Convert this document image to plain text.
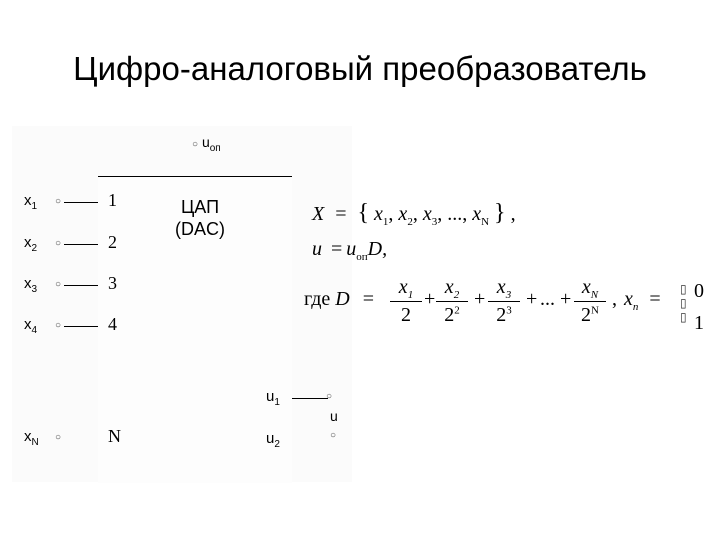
Цифро-аналоговый преобразователь
○ $u_{оп}$
ЦАП
(DAC)
$x_1$ ○	1
$x_2$ ○	2
$x_3$ ○	3
$x_4$ ○	4
$x_N$ ○	N
$u_1$
○
u
○
$u_2$
X = { $x_1$, $x_2$, $x_3$, ..., $x_N$ } ,
$u = u_{оп}D$,
где D =
$x_1$
2
$x_2$
$2^2$
$x_3$
$2^3$
$x_N$
$2^N$
+ + + ... + , $x_n$ = ▯
▯
▯
0
1
